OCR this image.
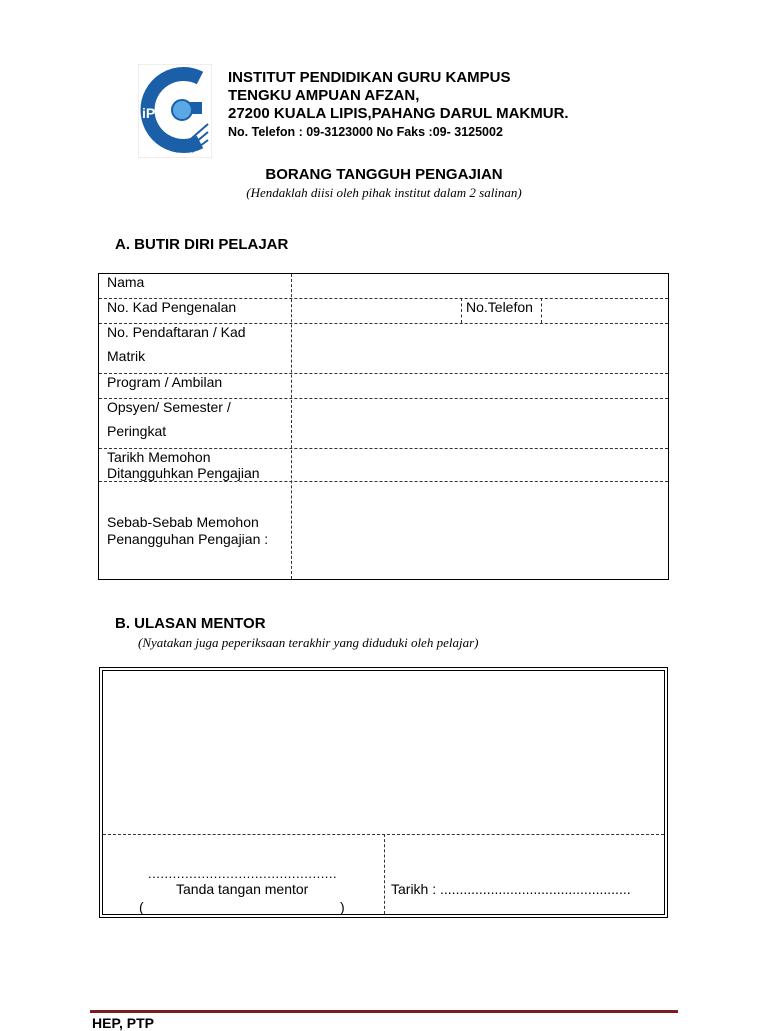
iPG
INSTITUT PENDIDIKAN GURU KAMPUS
TENGKU AMPUAN AFZAN,
27200 KUALA LIPIS,PAHANG DARUL MAKMUR.
No. Telefon : 09-3123000 No Faks :09- 3125002
BORANG TANGGUH PENGAJIAN
(Hendaklah diisi oleh pihak institut dalam 2 salinan)
A. BUTIR DIRI PELAJAR
Nama
No. Kad Pengenalan	No.Telefon
No. Pendaftaran / Kad
Matrik
Program / Ambilan
Opsyen/ Semester /
Peringkat
Tarikh Memohon
Ditangguhkan Pengajian
Sebab-Sebab Memohon
Penangguhan Pengajian :
B. ULASAN MENTOR
(Nyatakan juga peperiksaan terakhir yang diduduki oleh pelajar)
..............................................
Tanda tangan mentor
(	)
Tarikh : .................................................
HEP, PTP
